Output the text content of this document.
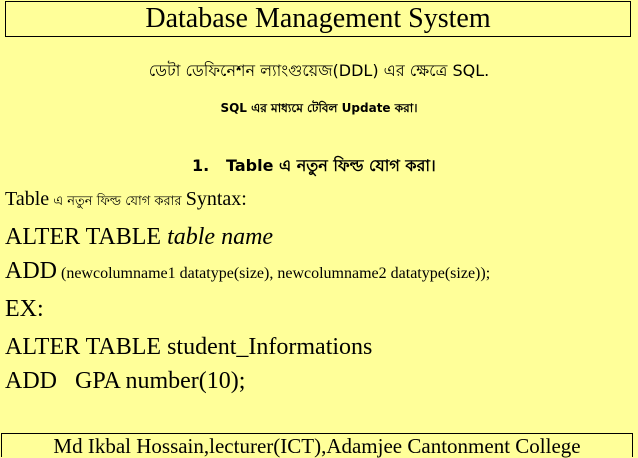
Database Management System
ডেটা ডেফিনেশন ল্যাংগুয়েজ(DDL) এর ক্ষেত্রে SQL.
SQL এর মাধ্যমে টেবিল Update করা।
1. Table এ নতুন ফিল্ড যোগ করা।
Table এ নতুন ফিল্ড যোগ করার Syntax:
ALTER TABLE table name
ADD (newcolumname1 datatype(size), newcolumname2 datatype(size));
EX:
ALTER TABLE student_Informations
ADD   GPA number(10);
Md Ikbal Hossain,lecturer(ICT),Adamjee Cantonment College
